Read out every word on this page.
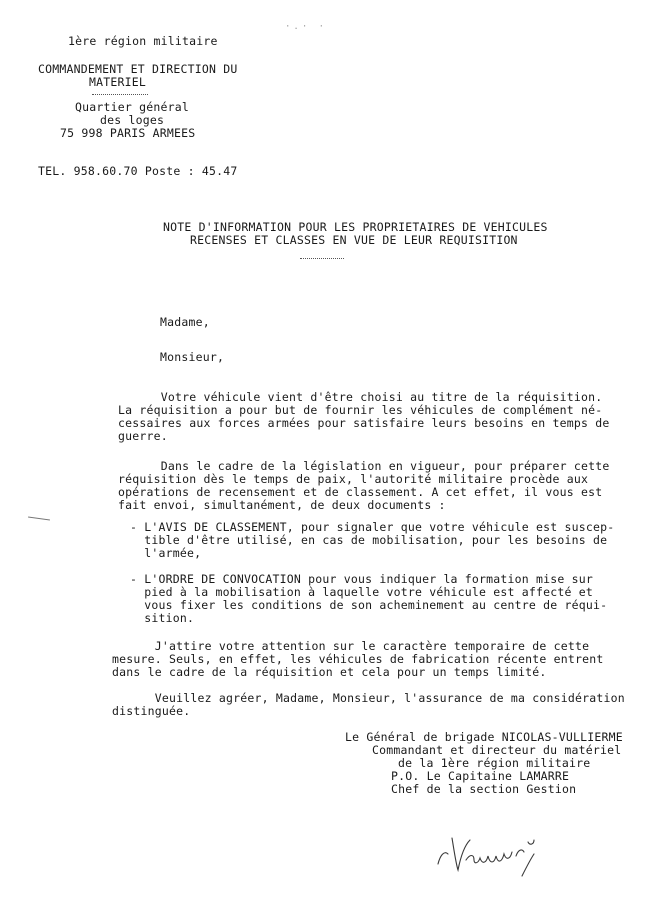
·.· ·
1ère région militaire
COMMANDEMENT ET DIRECTION DU
MATERIEL
Quartier général
des loges
75 998 PARIS ARMEES
TEL. 958.60.70 Poste : 45.47
NOTE D'INFORMATION POUR LES PROPRIETAIRES DE VEHICULES
RECENSES ET CLASSES EN VUE DE LEUR REQUISITION
Madame,
Monsieur,
Votre véhicule vient d'être choisi au titre de la réquisition.
La réquisition a pour but de fournir les véhicules de complément né-
cessaires aux forces armées pour satisfaire leurs besoins en temps de
guerre.
Dans le cadre de la législation en vigueur, pour préparer cette
réquisition dès le temps de paix, l'autorité militaire procède aux
opérations de recensement et de classement. A cet effet, il vous est
fait envoi, simultanément, de deux documents :
- L'AVIS DE CLASSEMENT, pour signaler que votre véhicule est suscep-
tible d'être utilisé, en cas de mobilisation, pour les besoins de
l'armée,
- L'ORDRE DE CONVOCATION pour vous indiquer la formation mise sur
pied à la mobilisation à laquelle votre véhicule est affecté et
vous fixer les conditions de son acheminement au centre de réqui-
sition.
J'attire votre attention sur le caractère temporaire de cette
mesure. Seuls, en effet, les véhicules de fabrication récente entrent
dans le cadre de la réquisition et cela pour un temps limité.
Veuillez agréer, Madame, Monsieur, l'assurance de ma considération
distinguée.
Le Général de brigade NICOLAS-VULLIERME
Commandant et directeur du matériel
de la 1ère région militaire
P.O. Le Capitaine LAMARRE
Chef de la section Gestion
